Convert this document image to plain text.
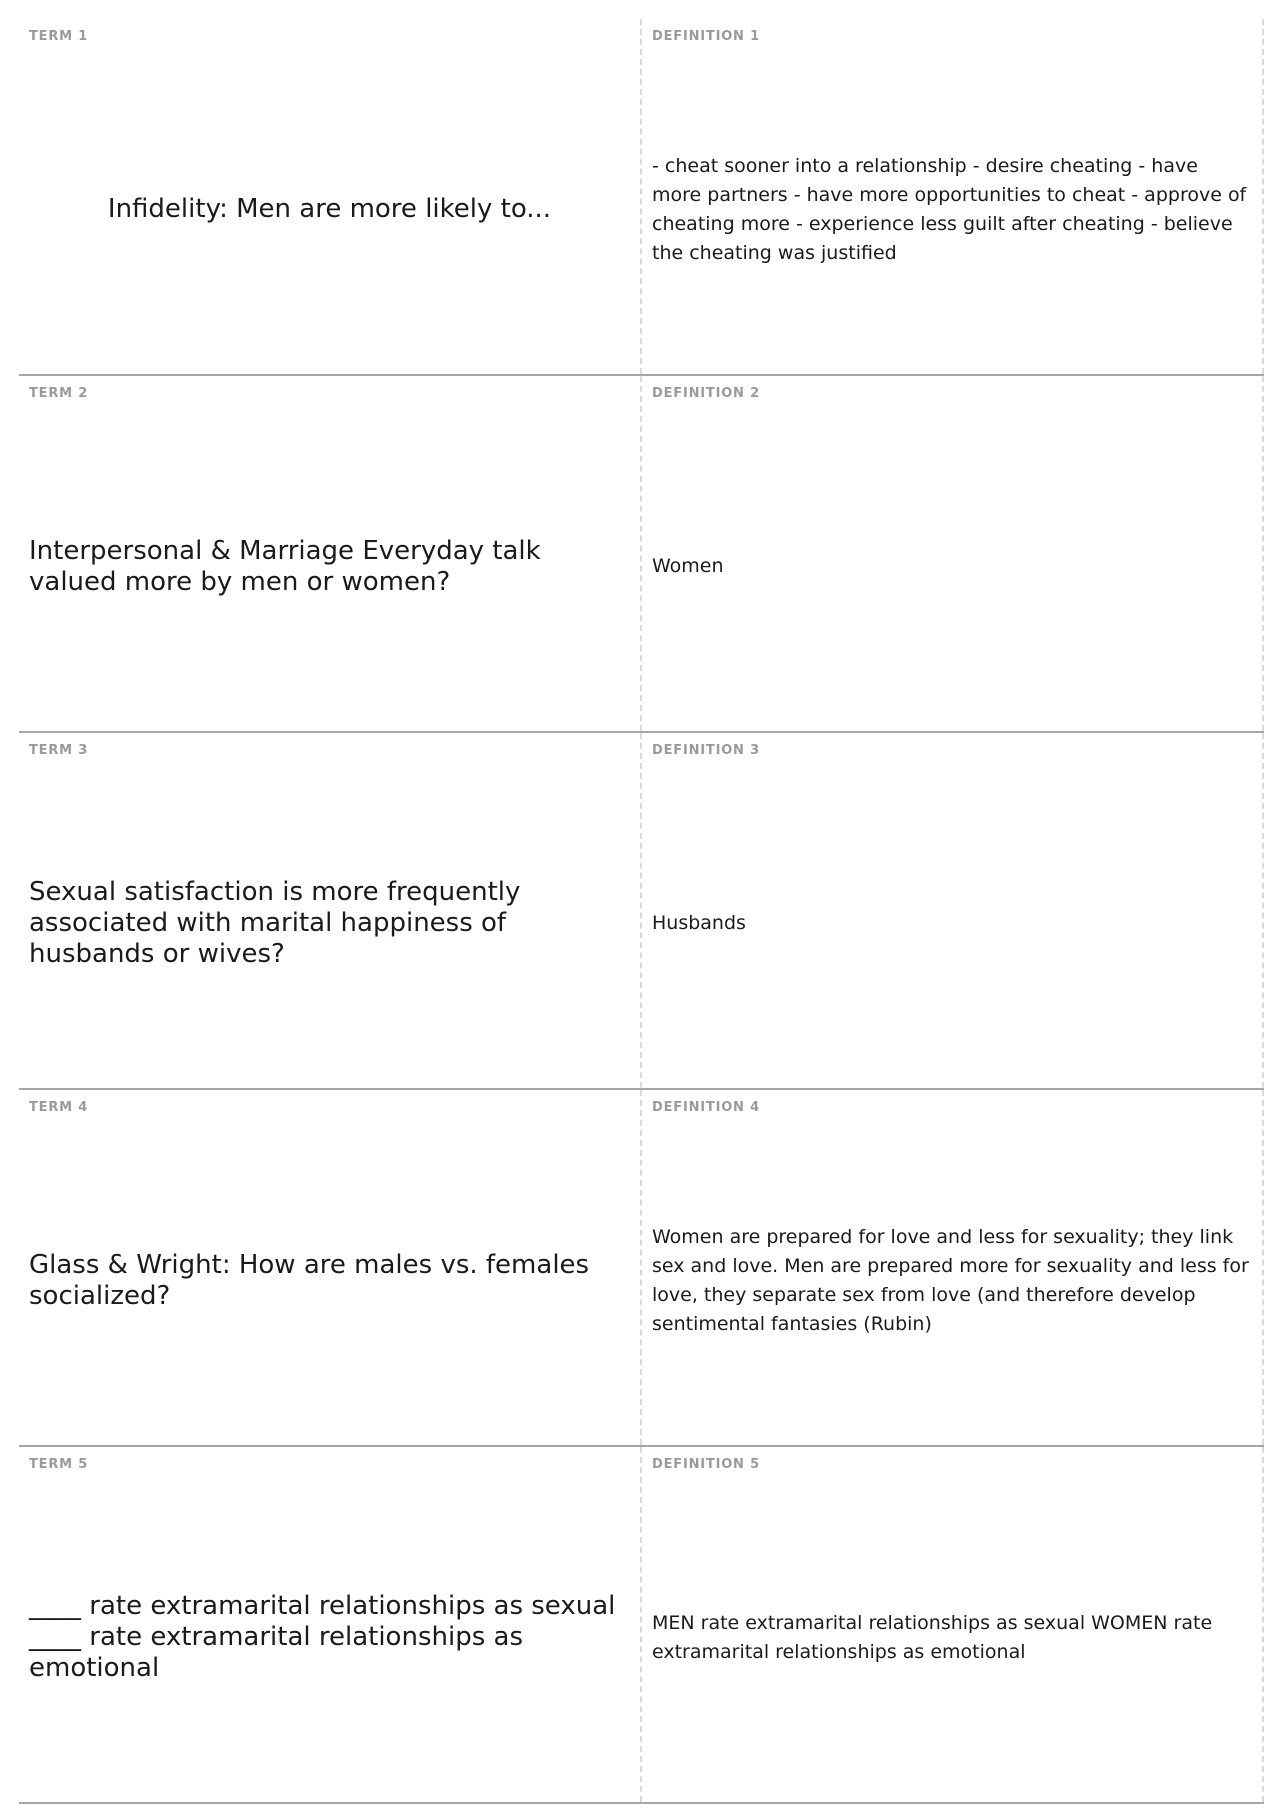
TERM 1
Infidelity: Men are more likely to...
DEFINITION 1
- cheat sooner into a relationship - desire cheating - have more partners - have more opportunities to cheat - approve of cheating more - experience less guilt after cheating - believe the cheating was justified
TERM 2
Interpersonal & Marriage Everyday talk valued more by men or women?
DEFINITION 2
Women
TERM 3
Sexual satisfaction is more frequently associated with marital happiness of husbands or wives?
DEFINITION 3
Husbands
TERM 4
Glass & Wright: How are males vs. females socialized?
DEFINITION 4
Women are prepared for love and less for sexuality; they link sex and love. Men are prepared more for sexuality and less for love, they separate sex from love (and therefore develop sentimental fantasies (Rubin)
TERM 5
____ rate extramarital relationships as sexual ____ rate extramarital relationships as emotional
DEFINITION 5
MEN rate extramarital relationships as sexual WOMEN rate extramarital relationships as emotional
